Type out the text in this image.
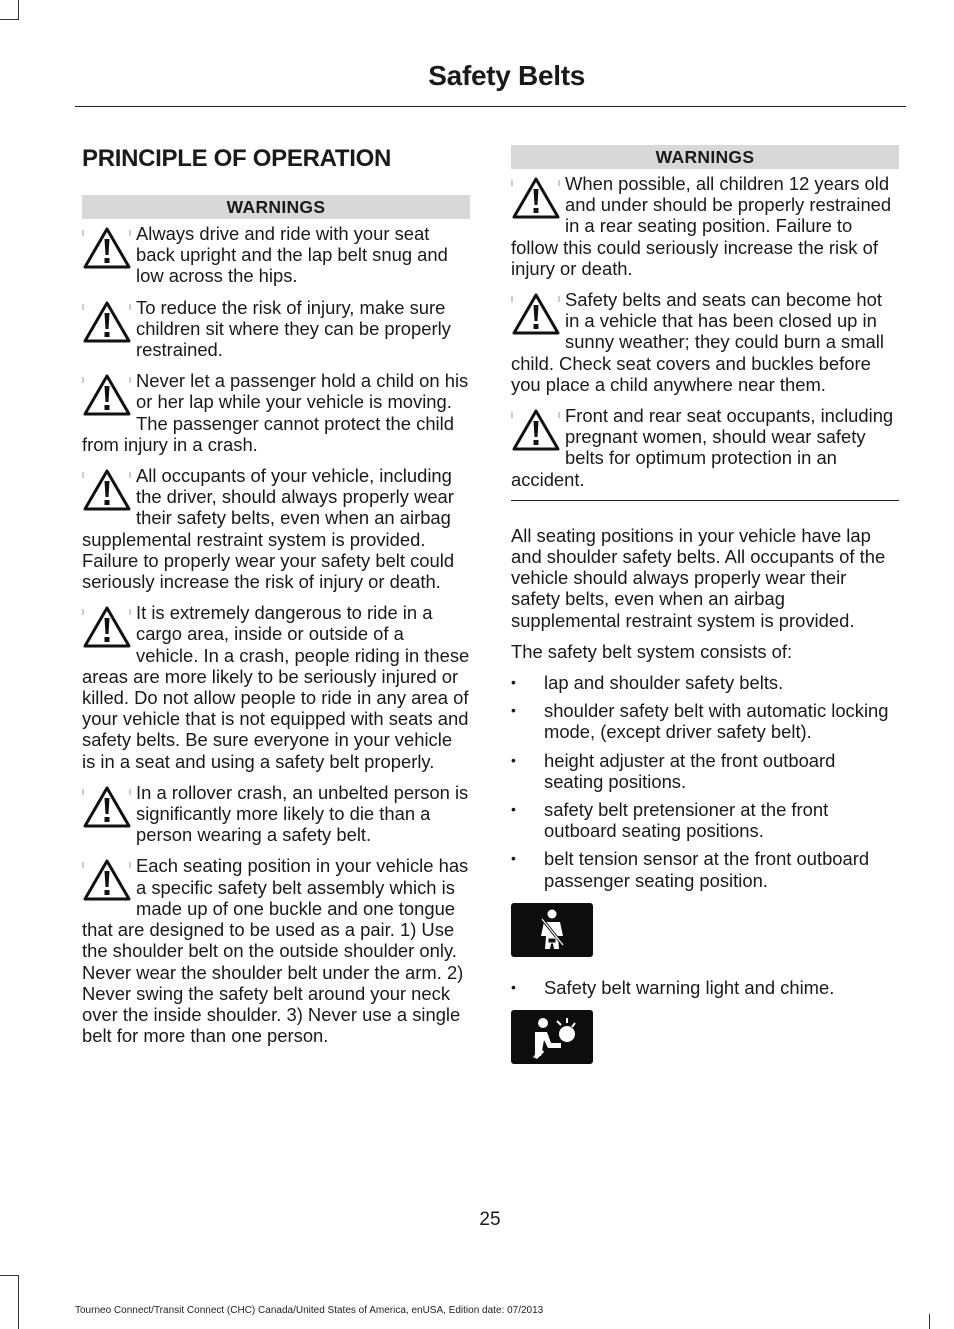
Safety Belts
PRINCIPLE OF OPERATION
WARNINGS
Always drive and ride with your seat back upright and the lap belt snug and low across the hips.
To reduce the risk of injury, make sure children sit where they can be properly restrained.
Never let a passenger hold a child on his or her lap while your vehicle is moving. The passenger cannot protect the child from injury in a crash.
All occupants of your vehicle, including the driver, should always properly wear their safety belts, even when an airbag supplemental restraint system is provided. Failure to properly wear your safety belt could seriously increase the risk of injury or death.
It is extremely dangerous to ride in a cargo area, inside or outside of a vehicle. In a crash, people riding in these areas are more likely to be seriously injured or killed. Do not allow people to ride in any area of your vehicle that is not equipped with seats and safety belts. Be sure everyone in your vehicle is in a seat and using a safety belt properly.
In a rollover crash, an unbelted person is significantly more likely to die than a person wearing a safety belt.
Each seating position in your vehicle has a specific safety belt assembly which is made up of one buckle and one tongue that are designed to be used as a pair. 1) Use the shoulder belt on the outside shoulder only. Never wear the shoulder belt under the arm. 2) Never swing the safety belt around your neck over the inside shoulder. 3) Never use a single belt for more than one person.
WARNINGS
When possible, all children 12 years old and under should be properly restrained in a rear seating position. Failure to follow this could seriously increase the risk of injury or death.
Safety belts and seats can become hot in a vehicle that has been closed up in sunny weather; they could burn a small child. Check seat covers and buckles before you place a child anywhere near them.
Front and rear seat occupants, including pregnant women, should wear safety belts for optimum protection in an accident.
All seating positions in your vehicle have lap and shoulder safety belts. All occupants of the vehicle should always properly wear their safety belts, even when an airbag supplemental restraint system is provided.
The safety belt system consists of:
• lap and shoulder safety belts.
• shoulder safety belt with automatic locking mode, (except driver safety belt).
• height adjuster at the front outboard seating positions.
• safety belt pretensioner at the front outboard seating positions.
• belt tension sensor at the front outboard passenger seating position.
• Safety belt warning light and chime.
25
Tourneo Connect/Transit Connect (CHC) Canada/United States of America, enUSA, Edition date: 07/2013
